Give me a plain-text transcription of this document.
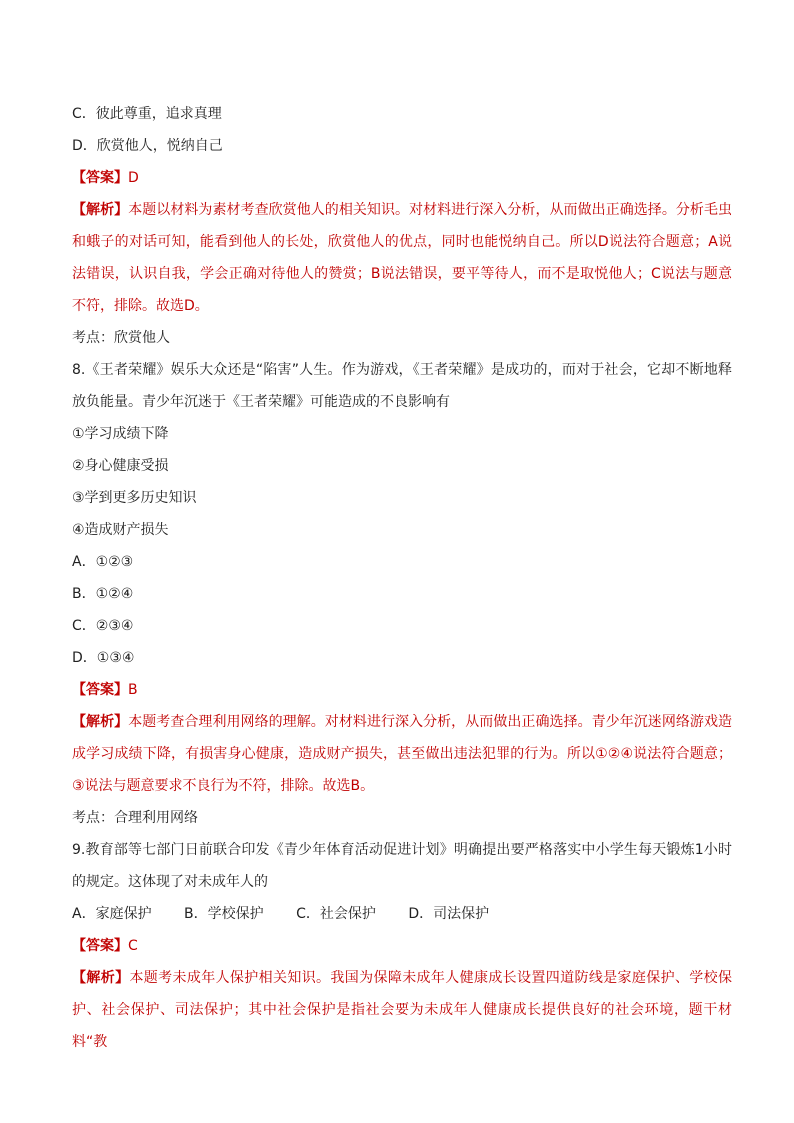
C．彼此尊重，追求真理
D．欣赏他人，悦纳自己
【答案】D
【解析】本题以材料为素材考查欣赏他人的相关知识。对材料进行深入分析，从而做出正确选择。分析毛虫和蛾子的对话可知，能看到他人的长处，欣赏他人的优点，同时也能悦纳自己。所以D说法符合题意；A说法错误，认识自我，学会正确对待他人的赞赏；B说法错误，要平等待人，而不是取悦他人；C说法与题意不符，排除。故选D。
考点：欣赏他人
8.《王者荣耀》娱乐大众还是“陷害”人生。作为游戏，《王者荣耀》是成功的，而对于社会，它却不断地释放负能量。青少年沉迷于《王者荣耀》可能造成的不良影响有
①学习成绩下降
②身心健康受损
③学到更多历史知识
④造成财产损失
A．①②③
B．①②④
C．②③④
D．①③④
【答案】B
【解析】本题考查合理利用网络的理解。对材料进行深入分析，从而做出正确选择。青少年沉迷网络游戏造成学习成绩下降，有损害身心健康，造成财产损失，甚至做出违法犯罪的行为。所以①②④说法符合题意；③说法与题意要求不良行为不符，排除。故选B。
考点：合理利用网络
9.教育部等七部门日前联合印发《青少年体育活动促进计划》明确提出要严格落实中小学生每天锻炼1小时的规定。这体现了对未成年人的
A．家庭保护 B．学校保护 C．社会保护 D．司法保护
【答案】C
【解析】本题考未成年人保护相关知识。我国为保障未成年人健康成长设置四道防线是家庭保护、学校保护、社会保护、司法保护；其中社会保护是指社会要为未成年人健康成长提供良好的社会环境，题干材料“教
